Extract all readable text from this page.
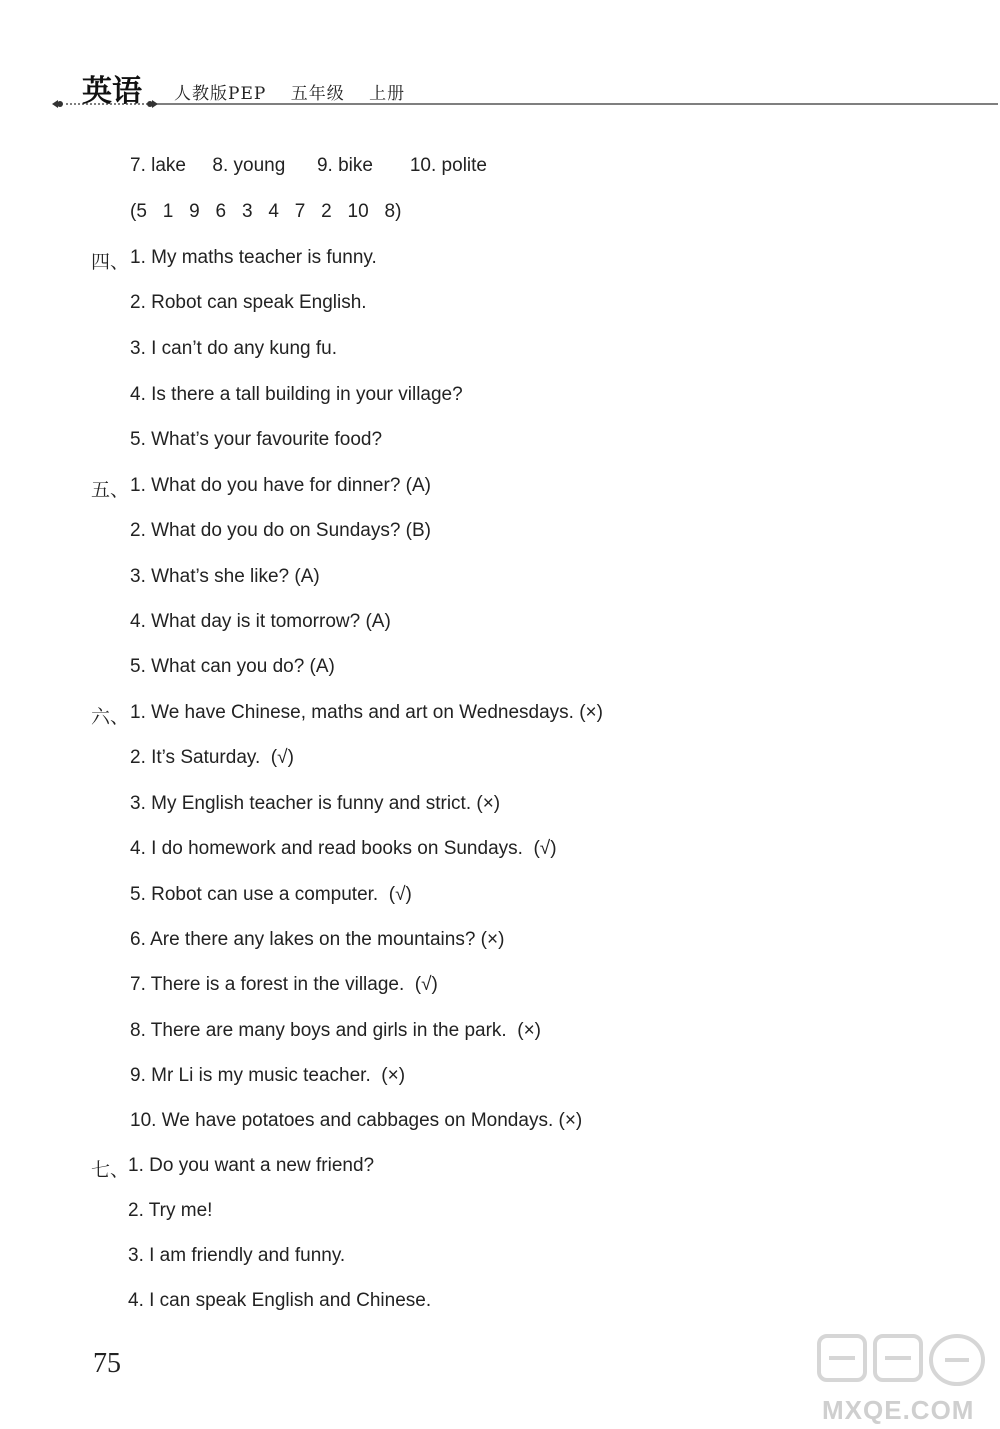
英语 人教版PEP 五年级 上册
7. lake     8. young      9. bike       10. polite
(5   1   9   6   3   4   7   2   10   8)
四、 1. My maths teacher is funny.
2. Robot can speak English.
3. I can’t do any kung fu.
4. Is there a tall building in your village?
5. What’s your favourite food?
五、 1. What do you have for dinner? (A)
2. What do you do on Sundays? (B)
3. What’s she like? (A)
4. What day is it tomorrow? (A)
5. What can you do? (A)
六、 1. We have Chinese, maths and art on Wednesdays. (×)
2. It’s Saturday.  (√)
3. My English teacher is funny and strict. (×)
4. I do homework and read books on Sundays.  (√)
5. Robot can use a computer.  (√)
6. Are there any lakes on the mountains? (×)
7. There is a forest in the village.  (√)
8. There are many boys and girls in the park.  (×)
9. Mr Li is my music teacher.  (×)
10. We have potatoes and cabbages on Mondays. (×)
七、
1. Do you want a new friend?
2. Try me!
3. I am friendly and funny.
4. I can speak English and Chinese.
75
MXQE.COM
